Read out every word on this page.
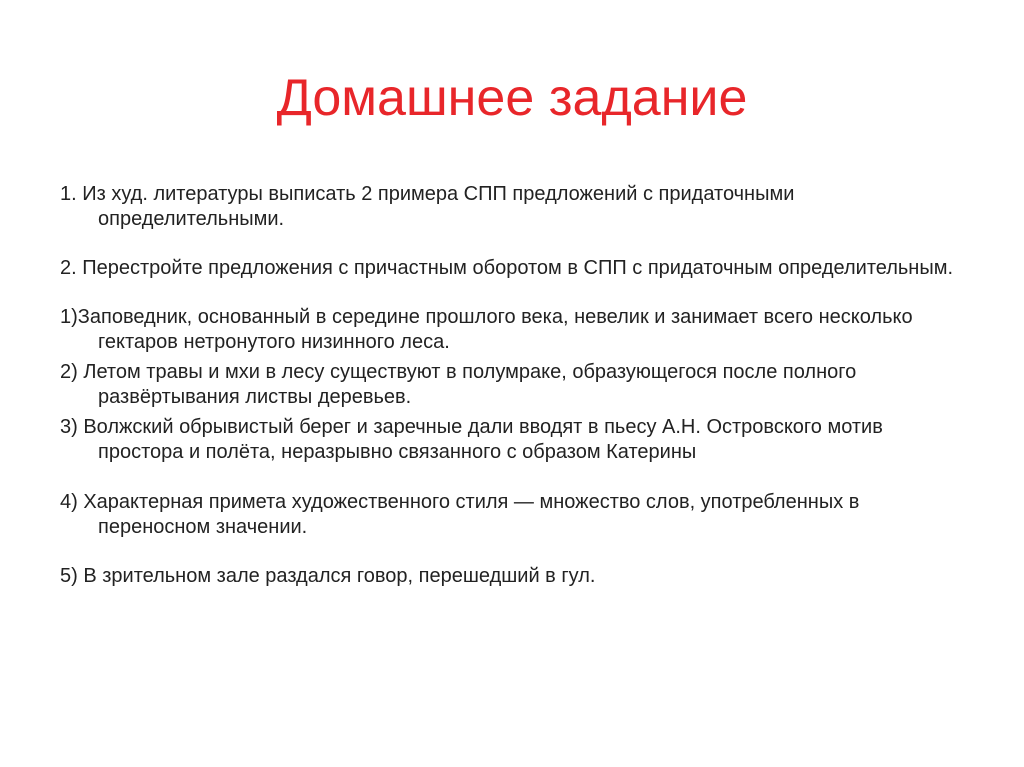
Домашнее задание

1. Из худ. литературы выписать 2 примера СПП предложений с придаточными определительными.

2. Перестройте предложения с причастным оборотом в СПП с придаточным определительным.

1)Заповедник, основанный в середине прошлого века, невелик и занимает всего несколько гектаров нетронутого низинного леса.

2) Летом травы и мхи в лесу существуют в полумраке, образующегося после полного развёртывания листвы деревьев.

3) Волжский обрывистый берег и заречные дали вводят в пьесу А.Н. Островского мотив простора и полёта, неразрывно связанного с образом Катерины

4) Характерная примета художественного стиля — множество слов, употребленных в переносном значении.

5) В зрительном зале раздался говор, перешедший в гул.
